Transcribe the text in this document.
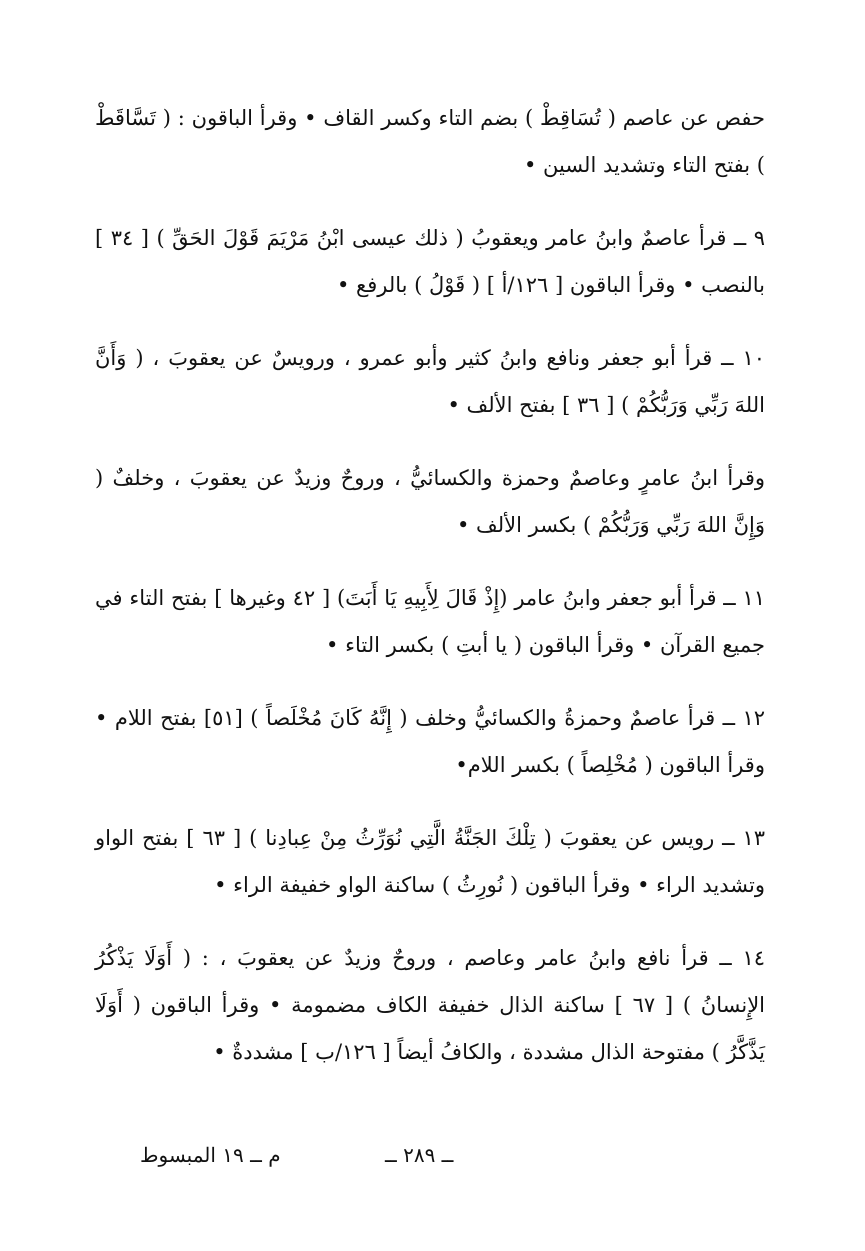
حفص عن عاصم ( تُسَاقِطْ ) بضم التاء وكسر القاف • وقرأ الباقون : ( تَسَّاقَطْ ) بفتح التاء وتشديد السين •

٩ ــ قرأ عاصمٌ وابنُ عامر ويعقوبُ ( ذلك عيسى ابْنُ مَرْيَمَ قَوْلَ الحَقِّ ) [ ٣٤ ] بالنصب • وقرأ الباقون [ ١٢٦/أ ] ( قَوْلُ ) بالرفع •

١٠ ــ قرأ أبو جعفر ونافع وابنُ كثير وأبو عمرو ، ورويسٌ عن يعقوبَ ، ( وَأَنَّ اللهَ رَبِّي وَرَبُّكُمْ ) [ ٣٦ ] بفتح الألف •

وقرأ ابنُ عامرٍ وعاصمٌ وحمزة والكسائيُّ ، وروحٌ وزيدٌ عن يعقوبَ ، وخلفٌ ( وَإِنَّ اللهَ رَبِّي وَرَبُّكُمْ ) بكسر الألف •

١١ ــ قرأ أبو جعفر وابنُ عامر (إِذْ قَالَ لِأَبِيهِ يَا أَبَتَ) [ ٤٢ وغيرها ] بفتح التاء في جميع القرآن • وقرأ الباقون ( يا أبتِ ) بكسر التاء •

١٢ ــ قرأ عاصمٌ وحمزةُ والكسائيُّ وخلف ( إِنَّهُ كَانَ مُخْلَصاً ) [٥١] بفتح اللام • وقرأ الباقون ( مُخْلِصاً ) بكسر اللام•

١٣ ــ رويس عن يعقوبَ ( تِلْكَ الجَنَّةُ الَّتِي نُوَرِّثُ مِنْ عِبادِنا ) [ ٦٣ ] بفتح الواو وتشديد الراء • وقرأ الباقون ( نُورِثُ ) ساكنة الواو خفيفة الراء •

١٤ ــ قرأ نافع وابنُ عامر وعاصم ، وروحٌ وزيدٌ عن يعقوبَ ، : ( أَوَلَا يَذْكُرُ الإِنسانُ ) [ ٦٧ ] ساكنة الذال خفيفة الكاف مضمومة • وقرأ الباقون ( أَوَلَا يَذَّكَّرُ ) مفتوحة الذال مشددة ، والكافُ أيضاً [ ١٢٦/ب ] مشددةٌ •

ــ ٢٨٩ ــ
م ــ ١٩ المبسوط
